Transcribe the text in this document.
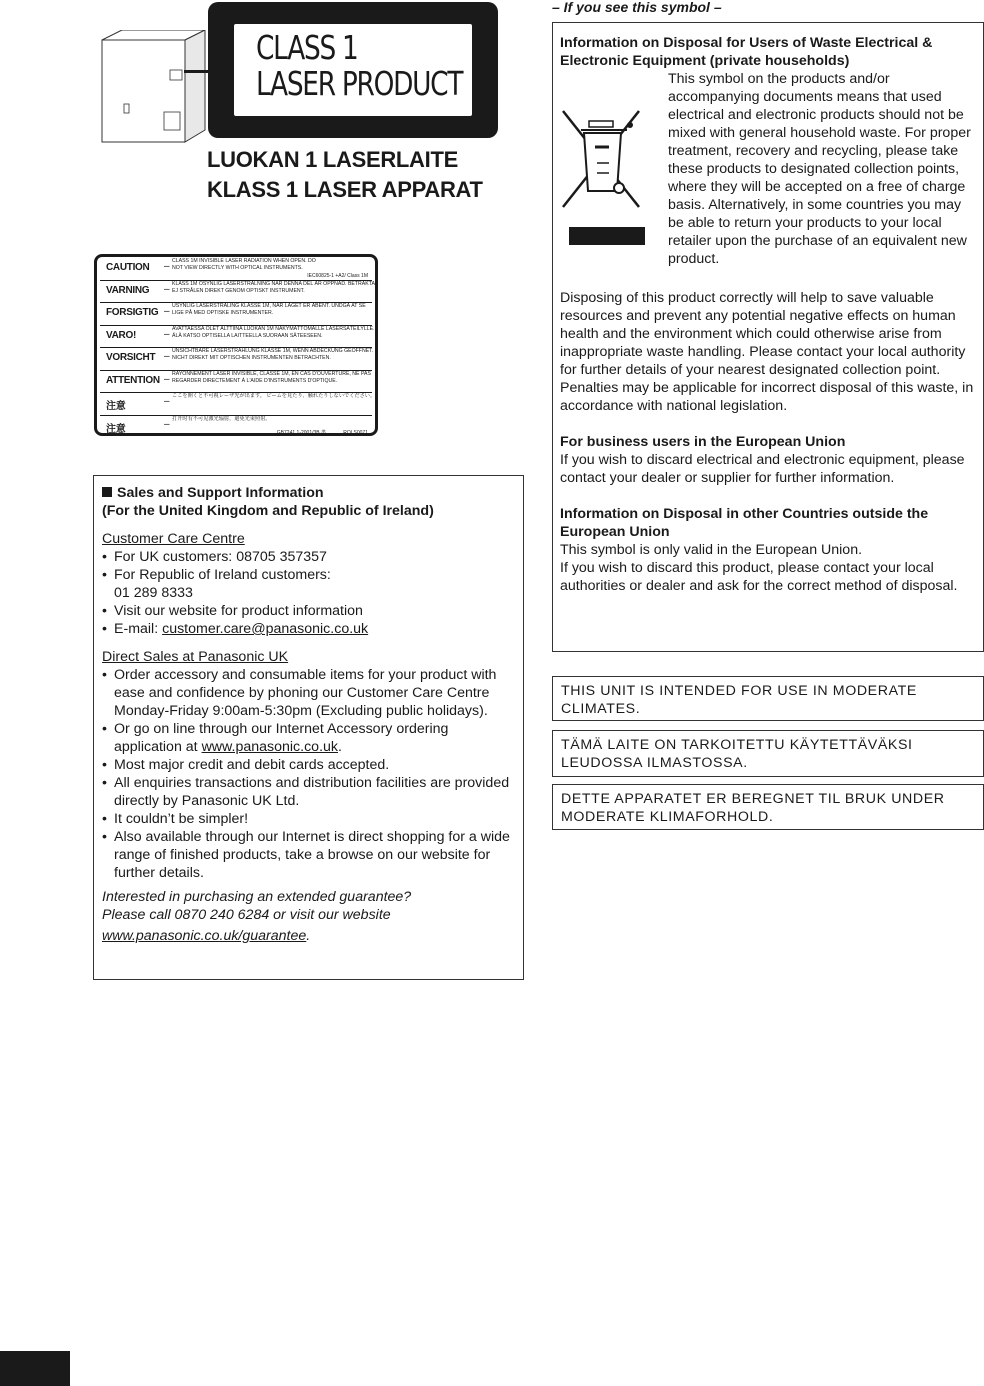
CLASS 1
LASER PRODUCT
LUOKAN 1 LASERLAITE
KLASS 1 LASER APPARAT
CAUTION – CLASS 1M INVISIBLE LASER RADIATION WHEN OPEN. DO NOT VIEW DIRECTLY WITH OPTICAL INSTRUMENTS.
IEC60825-1 +A2/ Class 1M
VARNING – KLASS 1M OSYNLIG LASERSTRÅLNING NÄR DENNA DEL ÄR ÖPPNAD. BETRAKTA EJ STRÅLEN DIREKT GENOM OPTISKT INSTRUMENT.
FORSIGTIG – USYNLIG LASERSTRÅLING KLASSE 1M, NÅR LÅGET ER ÅBENT. UNDGÅ AT SE LIGE PÅ MED OPTISKE INSTRUMENTER.
VARO!	– AVATTAESSA OLET ALTTIINA LUOKAN 1M NÄKYMÄTTÖMÄLLE LASERSÄTEILYLLE. ÄLÄ KATSO OPTISELLA LAITTEELLA SUORAAN SÄTEESEEN.
VORSICHT – UNSICHTBARE LASERSTRAHLUNG KLASSE 1M, WENN ABDECKUNG GEÖFFNET. NICHT DIREKT MIT OPTISCHEN INSTRUMENTEN BETRACHTEN.
ATTENTION – RAYONNEMENT LASER INVISIBLE, CLASSE 1M, EN CAS D'OUVERTURE, NE PAS REGARDER DIRECTEMENT À L'AIDE D'INSTRUMENTS D'OPTIQUE.
注意	– ここを開くと不可視レーザ光が出ます。 ビームを見たり、触れたりしないでください。
注意	– 打开时有不可见激光辐射，避免光束照射。
GB7241.1-2001/3B 类	RQLS0071
Sales and Support Information
(For the United Kingdom and Republic of Ireland)
Customer Care Centre
• For UK customers: 08705 357357
• For Republic of Ireland customers:
01 289 8333
• Visit our website for product information
• E-mail: customer.care@panasonic.co.uk
Direct Sales at Panasonic UK
• Order accessory and consumable items for your product with ease and confidence by phoning our Customer Care Centre Monday-Friday 9:00am-5:30pm (Excluding public holidays).
• Or go on line through our Internet Accessory ordering application at www.panasonic.co.uk.
• Most major credit and debit cards accepted.
• All enquiries transactions and distribution facilities are provided directly by Panasonic UK Ltd.
• It couldn’t be simpler!
• Also available through our Internet is direct shopping for a wide range of finished products, take a browse on our website for further details.
Interested in purchasing an extended guarantee?
Please call 0870 240 6284 or visit our website
www.panasonic.co.uk/guarantee.
– If you see this symbol –
Information on Disposal for Users of Waste Electrical & Electronic Equipment (private households)
This symbol on the products and/or accompanying documents means that used electrical and electronic products should not be mixed with general household waste. For proper treatment, recovery and recycling, please take these products to designated collection points, where they will be accepted on a free of charge basis. Alternatively, in some countries you may be able to return your products to your local retailer upon the purchase of an equivalent new product.
Disposing of this product correctly will help to save valuable resources and prevent any potential negative effects on human health and the environment which could otherwise arise from inappropriate waste handling. Please contact your local authority for further details of your nearest designated collection point.
Penalties may be applicable for incorrect disposal of this waste, in accordance with national legislation.
For business users in the European Union
If you wish to discard electrical and electronic equipment, please contact your dealer or supplier for further information.
Information on Disposal in other Countries outside the European Union
This symbol is only valid in the European Union.
If you wish to discard this product, please contact your local authorities or dealer and ask for the correct method of disposal.
THIS UNIT IS INTENDED FOR USE IN MODERATE CLIMATES.
TÄMÄ LAITE ON TARKOITETTU KÄYTETTÄVÄKSI LEUDOSSA ILMASTOSSA.
DETTE APPARATET ER BEREGNET TIL BRUK UNDER MODERATE KLIMAFORHOLD.
